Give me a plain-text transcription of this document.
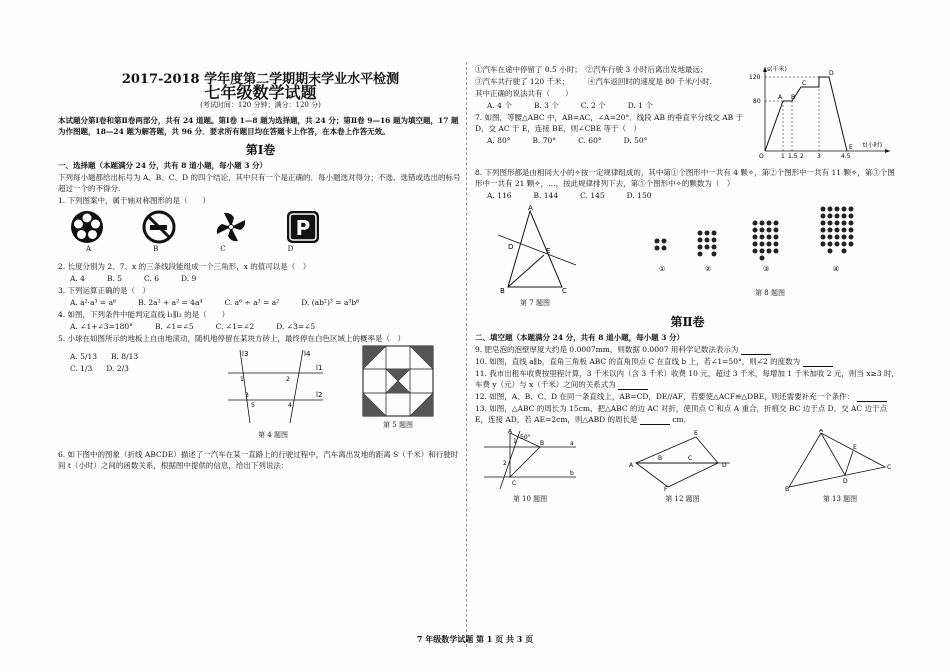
2017-2018 学年度第二学期期末学业水平检测
七年级数学试题
(考试时间：120 分钟；满分：120 分)
本试题分第Ⅰ卷和第Ⅱ卷两部分，共有 24 道题。第Ⅰ卷 1—8 题为选择题，共 24 分；第Ⅱ卷 9—16 题为填空题，17 题为作图题，18—24 题为解答题，共 96 分．要求所有题目均在答题卡上作答，在本卷上作答无效。
第Ⅰ卷
一、选择题（本题满分 24 分，共有 8 道小题，每小题 3 分）
下列每小题都给出标号为 A、B、C、D 的四个结论，其中只有一个是正确的．每小题选对得分；不选、选错或选出的标号超过一个的不得分.
1. 下列图案中，属于轴对称图形的是（　　）
P
A	B	C	D
2. 长度分别为 2、7、x 的三条线段能组成一个三角形，x 的值可以是（　）
A. 4	B. 5	C. 6	D. 9
3. 下列运算正确的是（　）
A. a²·a³ = a⁶	B. 2a² + a² = 4a⁴	C. a⁶ ÷ a³ = a²	D. (ab²)³ = a³b⁶
4. 如图，下列条件中能判定直线 l₁∥l₂ 的是（　　）
A. ∠1+∠3=180°	B. ∠1=∠5	C. ∠1=∠2	D. ∠3=∠5
5. 小球在如图所示的地板上自由地滚动，随机地停留在某块方砖上，最终停在白色区域上的概率是（　）
A. 5/13 B. 8/13
C. 1/3 D. 2/3
l3	l4
l1
l2
1
3
2
5	4
第 4 题图
第 5 题图
6. 如下图中的图象（折线 ABCDE）描述了一汽车在某一直路上的行驶过程中，汽车离出发地的距离 S（千米）和行驶时间 t（小时）之间的函数关系，根据图中提供的信息，给出下列说法：
①汽车在途中停留了 0.5 小时；　②汽车行驶 3 小时后离出发地最远；
③汽车共行驶了 120 千米；　　　④汽车返回时的速度是 80 千米/小时.
其中正确的说法共有（　　）
A. 4 个	B. 3 个	C. 2 个	D. 1 个
7. 如图，等腰△ABC 中，AB=AC，∠A=20°．线段 AB 的垂直平分线交 AB 于 D，交 AC 于 E，连接 BE，则∠CBE 等于（　）
A. 80°	B. 70°	C. 60°	D. 50°
s(千米)
t(小时)
120
80
O	1 1.5 2 3	4.5
A B
C
D
E
8. 下列图形都是由相同大小的✧按一定规律组成的，其中第①个图形中一共有 4 颗✧，第②个图形中一共有 11 颗✧，第③个图形中一共有 21 颗✧，…，按此规律排列下去，第⑤个图形中✧的颗数为（　）
A. 116	B. 144	C. 145	D. 150
A
B	C
D	E
第 7 题图
①	②	③	④
第 8 题图
第Ⅱ卷
二、填空题（本题满分 24 分，共有 8 道小题，每小题 3 分）
9. 肥皂泡的泡壁厚度大约是 0.0007mm，则数据 0.0007 用科学记数法表示为
10. 如图，直线 a∥b，直角三角板 ABC 的直角顶点 C 在直线 b 上，若∠1=50°，则∠2 的度数为
11. 我市出租车收费按里程计算，3 千米以内（含 3 千米）收费 10 元，超过 3 千米，每增加 1 千米加收 2 元，则当 x≥3 时，车费 y（元）与 x（千米）之间的关系式为
12. 如图，A、B、C、D 在同一条直线上，AB=CD，DE//AF，若要使△ACF≌△DBE，则还需要补充一个条件：
13. 如图，△ABC 的周长为 15cm，把△ABC 的边 AC 对折，使顶点 C 和点 A 重合，折痕交 BC 边于点 D，交 AC 边于点 E，连接 AD，若 AE=2cm，则△ABD 的周长是	cm．
a
b
1
50°
2
C
A
B
第 10 题图
A
E
F
D
B	C
第 12 题图
A
B
C
D
E
第 13 题图
7 年级数学试题 第 1 页 共 3 页
